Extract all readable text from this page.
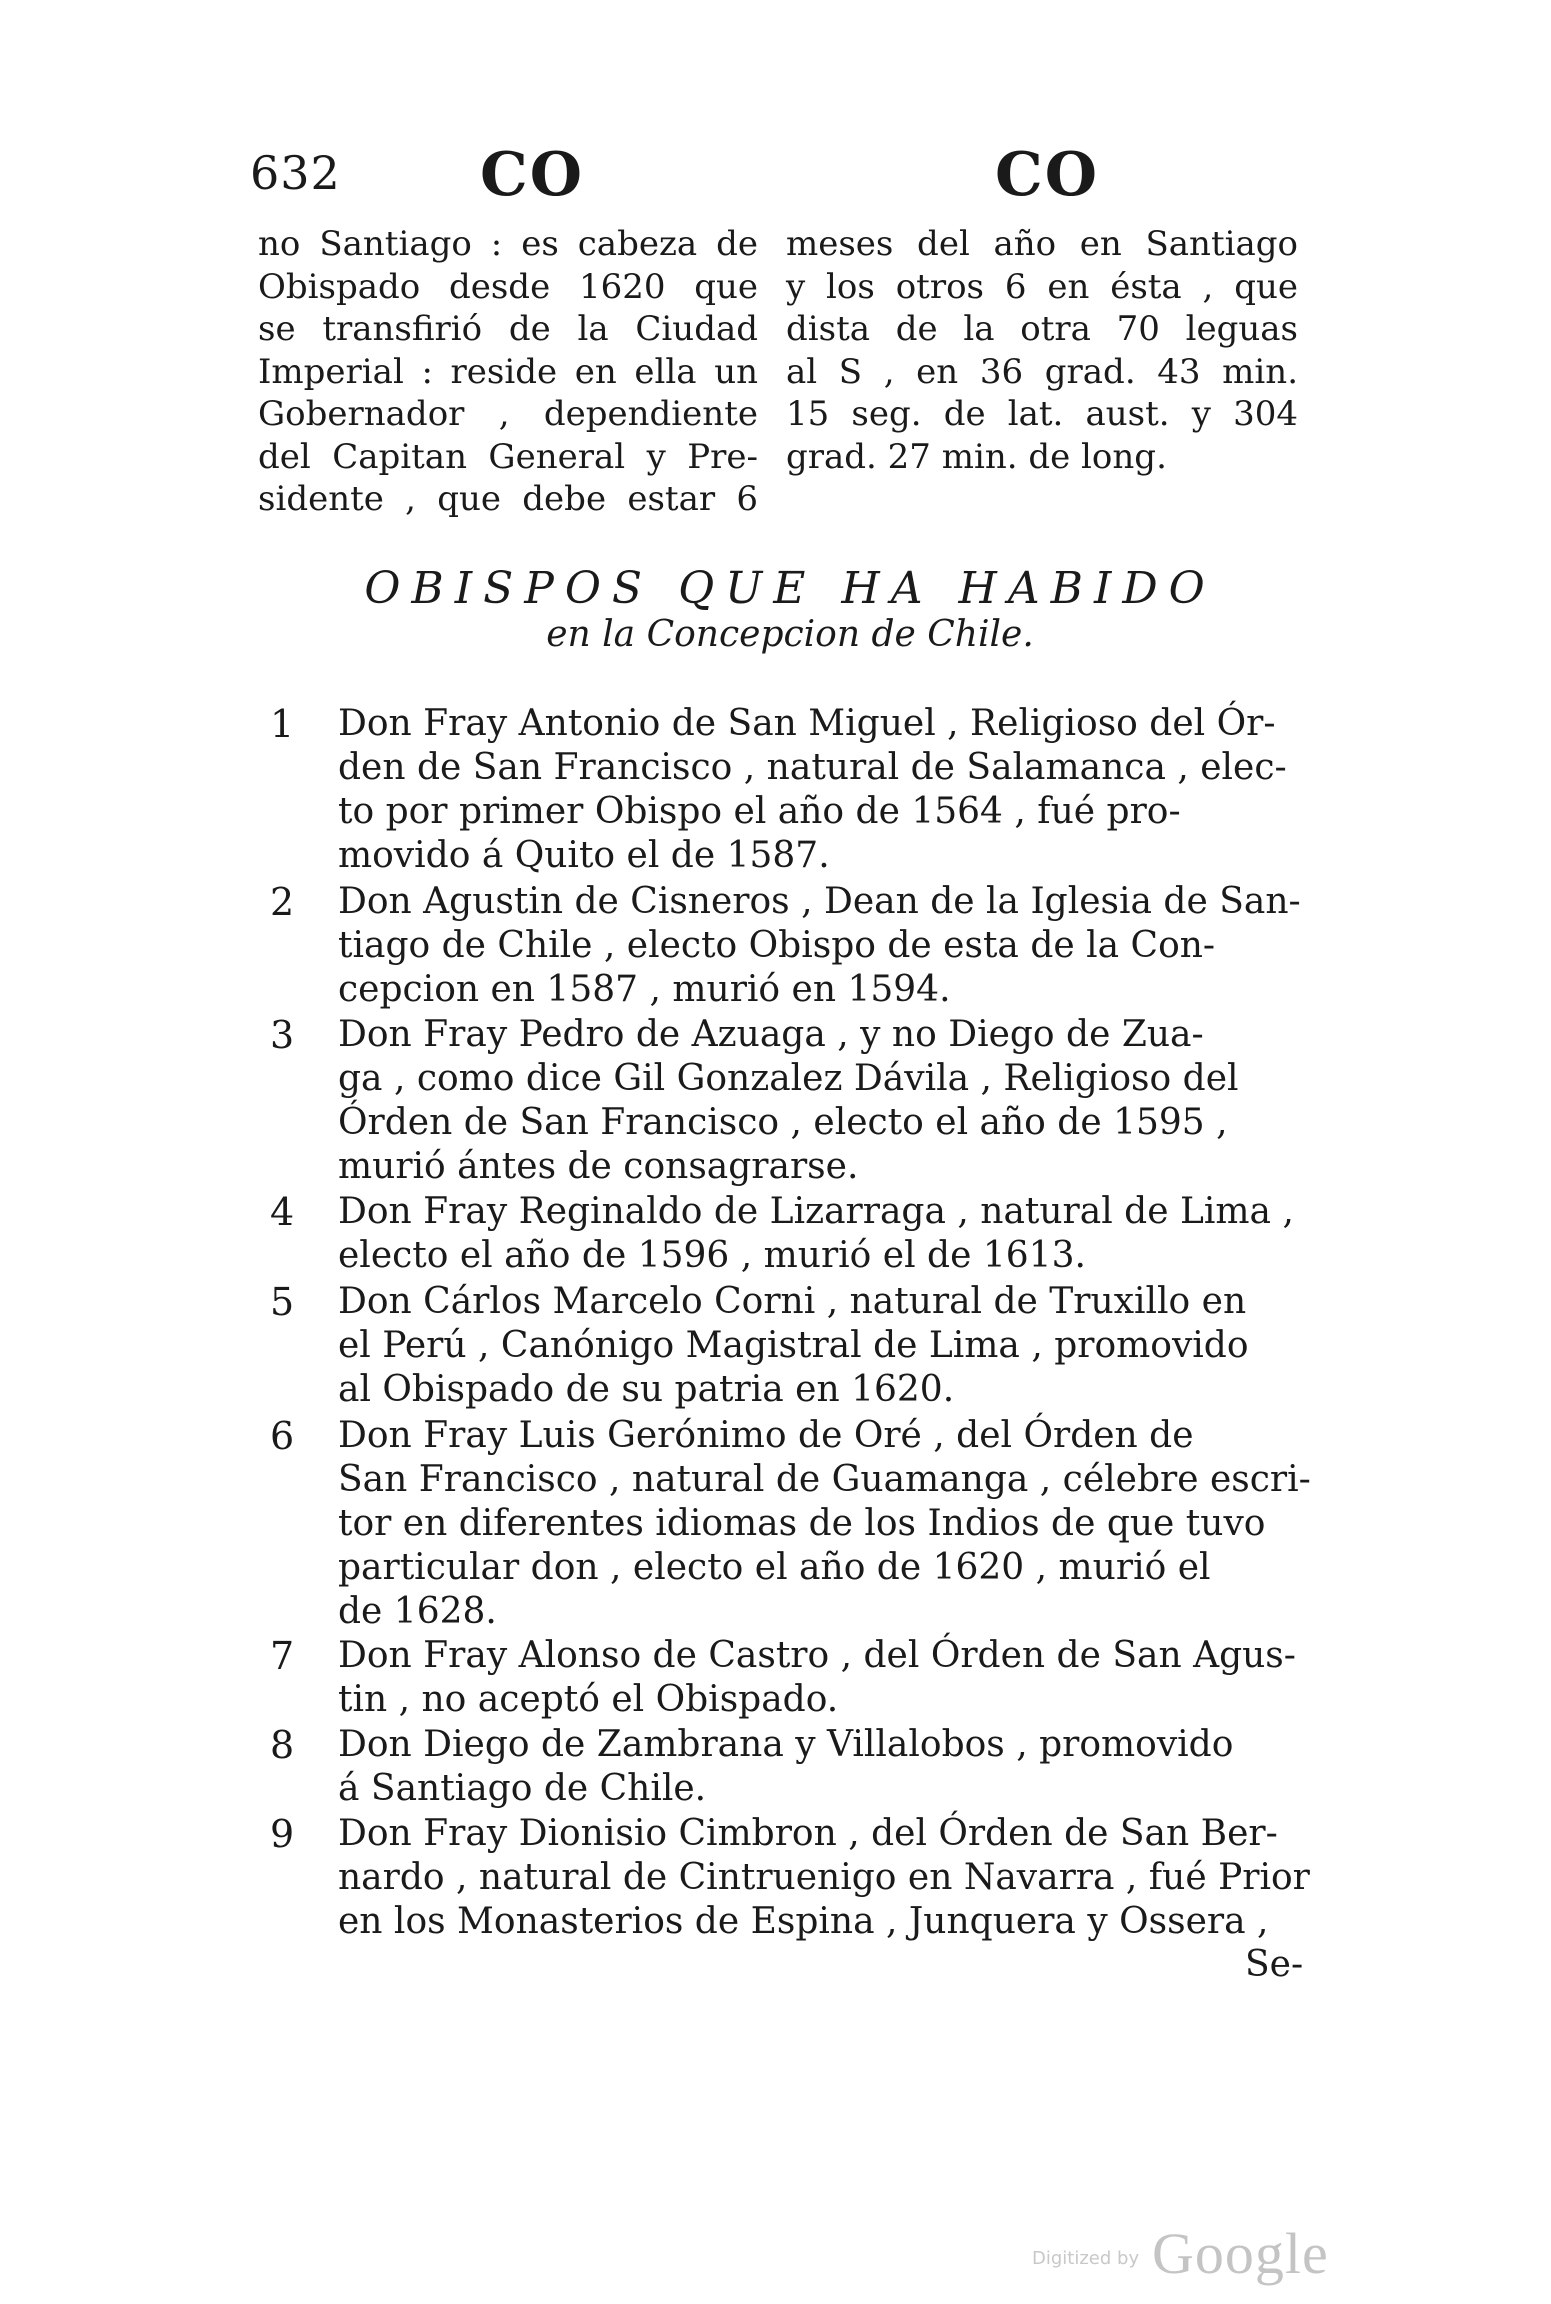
632 CO	CO
no Santiago : es cabeza de
Obispado desde 1620 que
se transfirió de la Ciudad
Imperial : reside en ella un
Gobernador , dependiente
del Capitan General y Pre-
sidente , que debe estar 6
meses del año en Santiago
y los otros 6 en ésta , que
dista de la otra 70 leguas
al S , en 36 grad. 43 min.
15 seg. de lat. aust. y 304
grad. 27 min. de long.
OBISPOS QUE HA HABIDO
en la Concepcion de Chile.
1 Don Fray Antonio de San Miguel , Religioso del Ór-
den de San Francisco , natural de Salamanca , elec-
to por primer Obispo el año de 1564 , fué pro-
movido á Quito el de 1587.
2 Don Agustin de Cisneros , Dean de la Iglesia de San-
tiago de Chile , electo Obispo de esta de la Con-
cepcion en 1587 , murió en 1594.
3 Don Fray Pedro de Azuaga , y no Diego de Zua-
ga , como dice Gil Gonzalez Dávila , Religioso del
Órden de San Francisco , electo el año de 1595 ,
murió ántes de consagrarse.
4 Don Fray Reginaldo de Lizarraga , natural de Lima ,
electo el año de 1596 , murió el de 1613.
5 Don Cárlos Marcelo Corni , natural de Truxillo en
el Perú , Canónigo Magistral de Lima , promovido
al Obispado de su patria en 1620.
6 Don Fray Luis Gerónimo de Oré , del Órden de
San Francisco , natural de Guamanga , célebre escri-
tor en diferentes idiomas de los Indios de que tuvo
particular don , electo el año de 1620 , murió el
de 1628.
7 Don Fray Alonso de Castro , del Órden de San Agus-
tin , no aceptó el Obispado.
8 Don Diego de Zambrana y Villalobos , promovido
á Santiago de Chile.
9 Don Fray Dionisio Cimbron , del Órden de San Ber-
nardo , natural de Cintruenigo en Navarra , fué Prior
en los Monasterios de Espina , Junquera y Ossera ,
Se-
Digitized by Google
